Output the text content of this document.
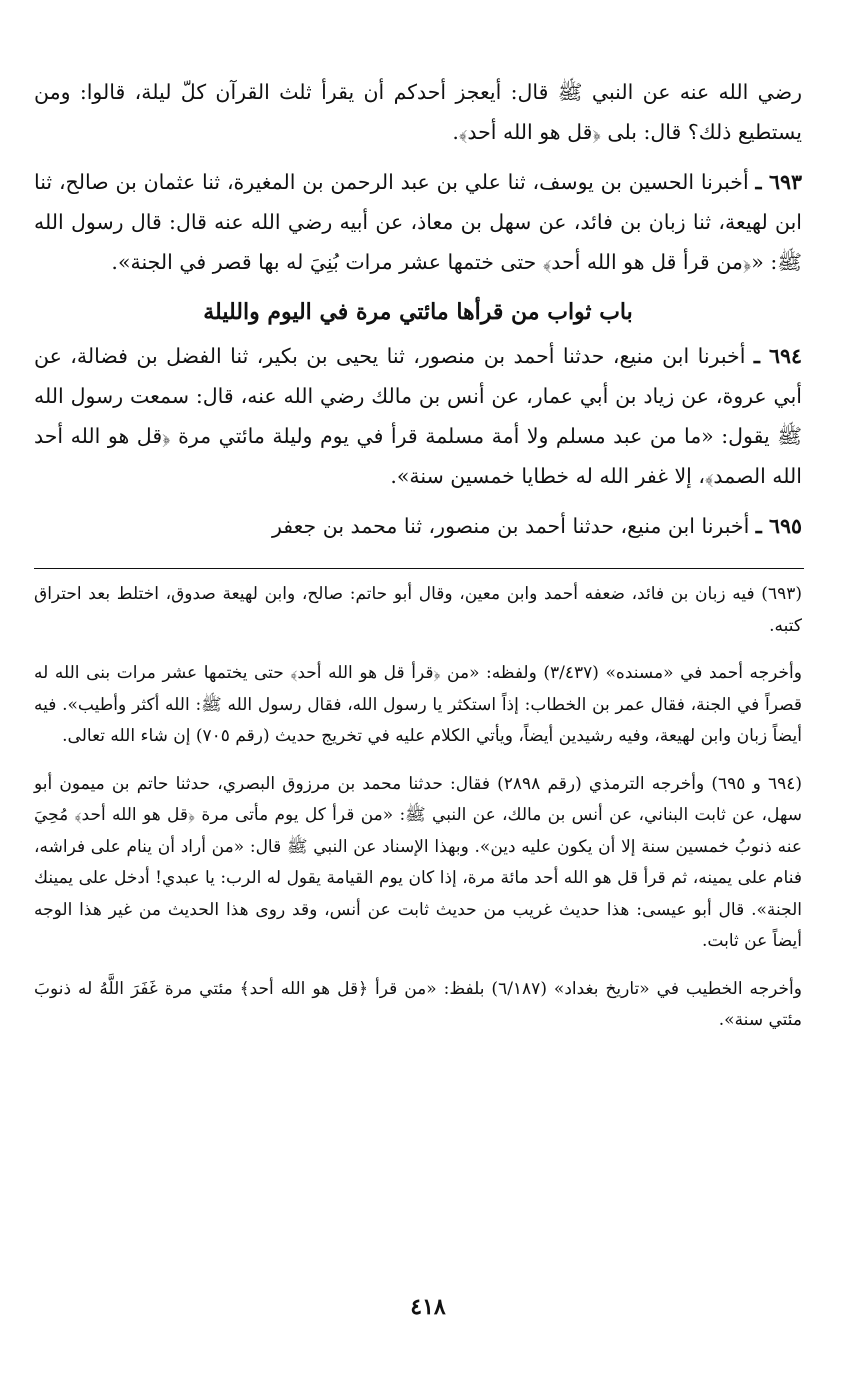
رضي الله عنه عن النبي ﷺ قال: أيعجز أحدكم أن يقرأ ثلث القرآن كلّ ليلة، قالوا: ومن يستطيع ذلك؟ قال: بلى ﴿قل هو الله أحد﴾.

٦٩٣ ـ أخبرنا الحسين بن يوسف، ثنا علي بن عبد الرحمن بن المغيرة، ثنا عثمان بن صالح، ثنا ابن لهيعة، ثنا زبان بن فائد، عن سهل بن معاذ، عن أبيه رضي الله عنه قال: قال رسول الله ﷺ: «﴿من قرأ قل هو الله أحد﴾ حتى ختمها عشر مرات بُنِيَ له بها قصر في الجنة».

باب ثواب من قرأها مائتي مرة في اليوم والليلة

٦٩٤ ـ أخبرنا ابن منيع، حدثنا أحمد بن منصور، ثنا يحيى بن بكير، ثنا الفضل بن فضالة، عن أبي عروة، عن زياد بن أبي عمار، عن أنس بن مالك رضي الله عنه، قال: سمعت رسول الله ﷺ يقول: «ما من عبد مسلم ولا أمة مسلمة قرأ في يوم وليلة مائتي مرة ﴿قل هو الله أحد الله الصمد﴾، إلا غفر الله له خطايا خمسين سنة».

٦٩٥ ـ أخبرنا ابن منيع، حدثنا أحمد بن منصور، ثنا محمد بن جعفر

(٦٩٣) فيه زبان بن فائد، ضعفه أحمد وابن معين، وقال أبو حاتم: صالح، وابن لهيعة صدوق، اختلط بعد احتراق كتبه.

وأخرجه أحمد في «مسنده» (٣/٤٣٧) ولفظه: «من ﴿قرأ قل هو الله أحد﴾ حتى يختمها عشر مرات بنى الله له قصراً في الجنة، فقال عمر بن الخطاب: إذاً استكثر يا رسول الله، فقال رسول الله ﷺ: الله أكثر وأطيب». فيه أيضاً زبان وابن لهيعة، وفيه رشيدين أيضاً، ويأتي الكلام عليه في تخريج حديث (رقم ٧٠٥) إن شاء الله تعالى.

(٦٩٤ و ٦٩٥) وأخرجه الترمذي (رقم ٢٨٩٨) فقال: حدثنا محمد بن مرزوق البصري، حدثنا حاتم بن ميمون أبو سهل، عن ثابت البناني، عن أنس بن مالك، عن النبي ﷺ: «من قرأ كل يوم مأتى مرة ﴿قل هو الله أحد﴾ مُحِيَ عنه ذنوبُ خمسين سنة إلا أن يكون عليه دين». وبهذا الإسناد عن النبي ﷺ قال: «من أراد أن ينام على فراشه، فنام على يمينه، ثم قرأ قل هو الله أحد مائة مرة، إذا كان يوم القيامة يقول له الرب: يا عبدي! أدخل على يمينك الجنة». قال أبو عيسى: هذا حديث غريب من حديث ثابت عن أنس، وقد روى هذا الحديث من غير هذا الوجه أيضاً عن ثابت.

وأخرجه الخطيب في «تاريخ بغداد» (٦/١٨٧) بلفظ: «من قرأ ﴿قل هو الله أحد﴾ مئتي مرة غَفَرَ اللَّهُ له ذنوبَ مئتي سنة».

٤١٨
